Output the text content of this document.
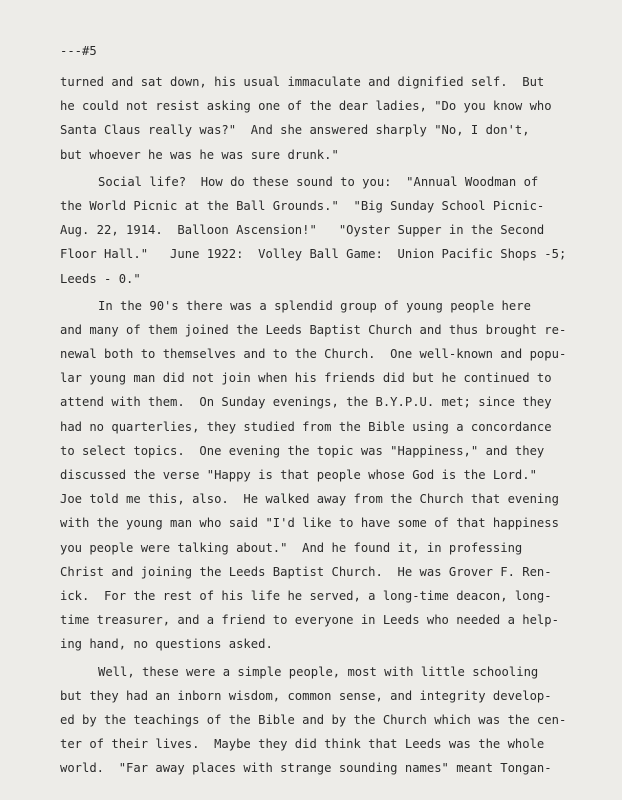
---#5
turned and sat down, his usual immaculate and dignified self.  But
he could not resist asking one of the dear ladies, "Do you know who
Santa Claus really was?"  And she answered sharply "No, I don't,
but whoever he was he was sure drunk."
Social life?  How do these sound to you:  "Annual Woodman of
the World Picnic at the Ball Grounds."  "Big Sunday School Picnic-
Aug. 22, 1914.  Balloon Ascension!"   "Oyster Supper in the Second
Floor Hall."   June 1922:  Volley Ball Game:  Union Pacific Shops -5;
Leeds - 0."
In the 90's there was a splendid group of young people here
and many of them joined the Leeds Baptist Church and thus brought re-
newal both to themselves and to the Church.  One well-known and popu-
lar young man did not join when his friends did but he continued to
attend with them.  On Sunday evenings, the B.Y.P.U. met; since they
had no quarterlies, they studied from the Bible using a concordance
to select topics.  One evening the topic was "Happiness," and they
discussed the verse "Happy is that people whose God is the Lord."
Joe told me this, also.  He walked away from the Church that evening
with the young man who said "I'd like to have some of that happiness
you people were talking about."  And he found it, in professing
Christ and joining the Leeds Baptist Church.  He was Grover F. Ren-
ick.  For the rest of his life he served, a long-time deacon, long-
time treasurer, and a friend to everyone in Leeds who needed a help-
ing hand, no questions asked.
Well, these were a simple people, most with little schooling
but they had an inborn wisdom, common sense, and integrity develop-
ed by the teachings of the Bible and by the Church which was the cen-
ter of their lives.  Maybe they did think that Leeds was the whole
world.  "Far away places with strange sounding names" meant Tongan-
